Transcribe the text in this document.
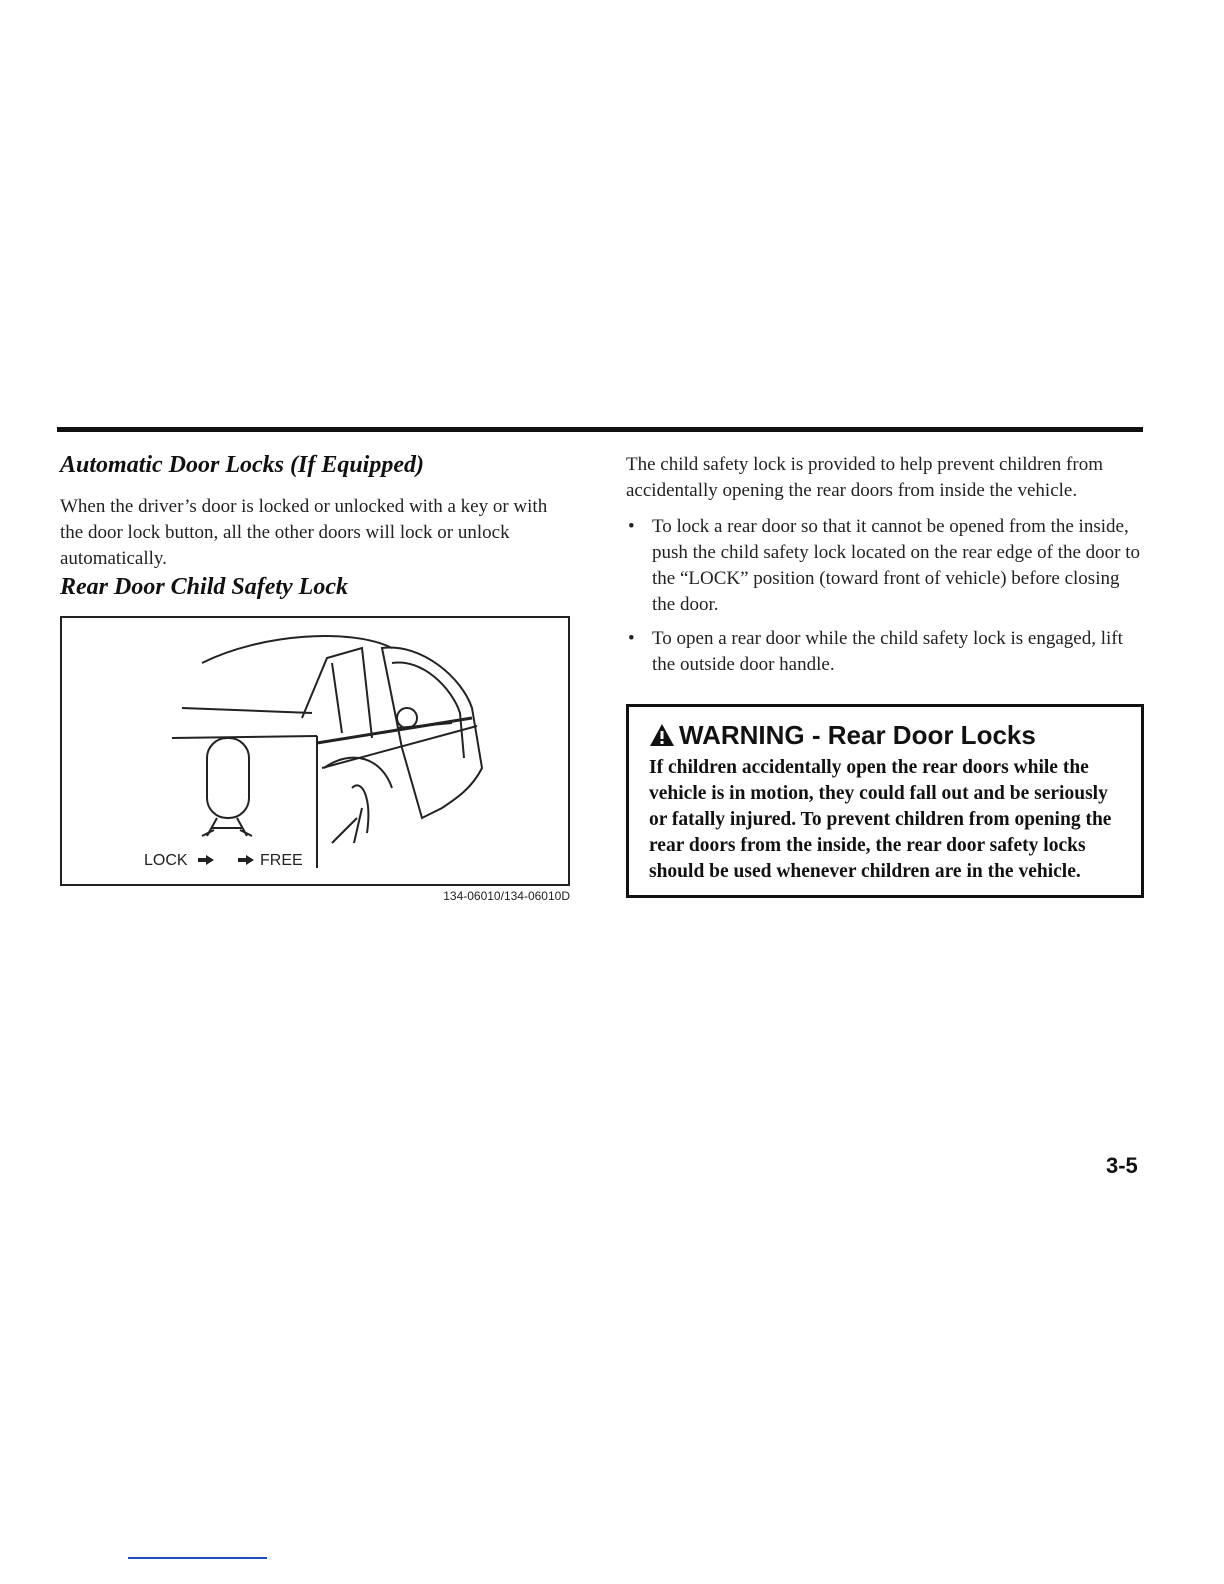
Automatic Door Locks (If Equipped)

When the driver’s door is locked or unlocked with a key or with the door lock button, all the other doors will lock or unlock automatically.

Rear Door Child Safety Lock
LOCK	FREE
134-06010/134-06010D

The child safety lock is provided to help prevent children from accidentally opening the rear doors from inside the vehicle.

• To lock a rear door so that it cannot be opened from the inside, push the child safety lock located on the rear edge of the door to the “LOCK” position (toward front of vehicle) before closing the door.
• To open a rear door while the child safety lock is engaged, lift the outside door handle.
WARNING - Rear Door Locks

If children accidentally open the rear doors while the vehicle is in motion, they could fall out and be seriously or fatally injured. To prevent children from opening the rear doors from the inside, the rear door safety locks should be used whenever children are in the vehicle.

3-5
